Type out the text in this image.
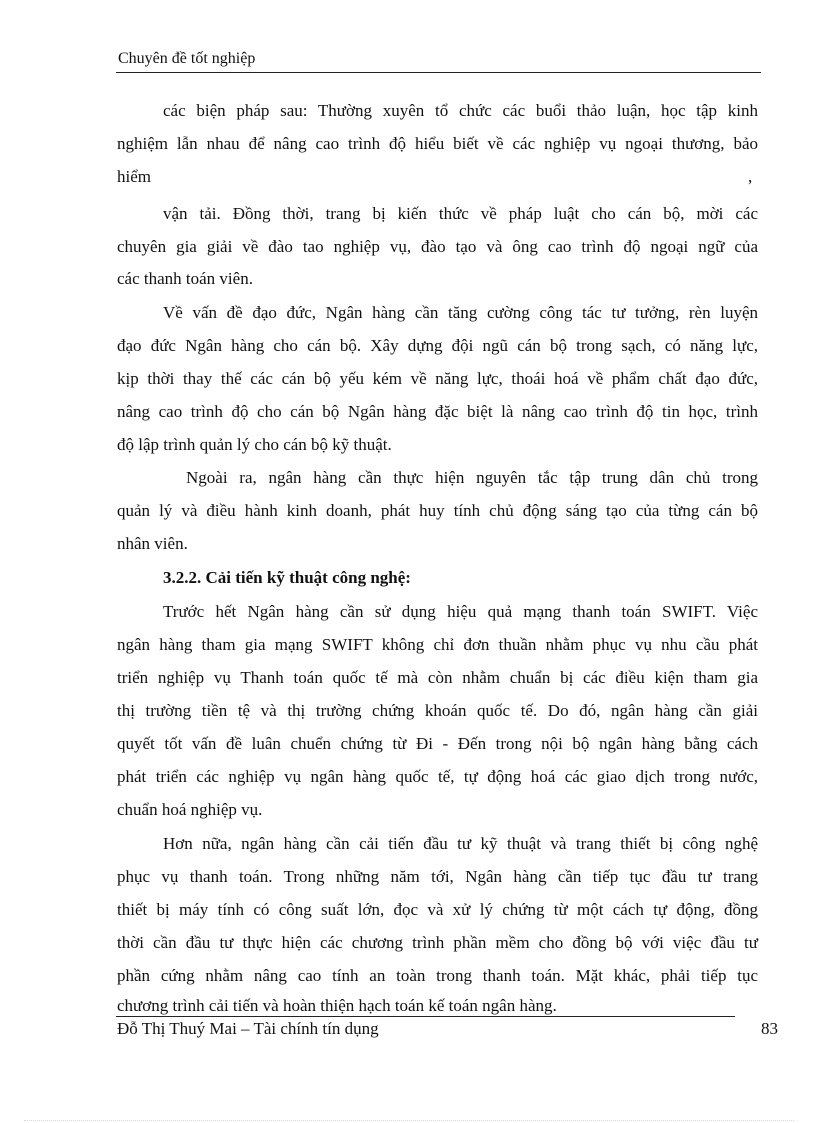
Chuyên đề tốt nghiệp
các biện pháp sau: Thường xuyên tổ chức các buổi thảo luận, học tập kinh
nghiệm lẫn nhau để nâng cao trình độ hiểu biết về các nghiệp vụ ngoại thương, bảo
hiểm	,
vận tải. Đồng thời, trang bị kiến thức về pháp luật cho cán bộ, mời các
chuyên gia giải về đào tao nghiệp vụ, đào tạo và ông cao trình độ ngoại ngữ của
các thanh toán viên.
Về vấn đề đạo đức, Ngân hàng cần tăng cường công tác tư tưởng, rèn luyện
đạo đức Ngân hàng cho cán bộ. Xây dựng đội ngũ cán bộ trong sạch, có năng lực,
kịp thời thay thế các cán bộ yếu kém về năng lực, thoái hoá về phẩm chất đạo đức,
nâng cao trình độ cho cán bộ Ngân hàng đặc biệt là nâng cao trình độ tin học, trình
độ lập trình quản lý cho cán bộ kỹ thuật.
Ngoài ra, ngân hàng cần thực hiện nguyên tắc tập trung dân chủ trong
quản lý và điều hành kinh doanh, phát huy tính chủ động sáng tạo của từng cán bộ
nhân viên.
3.2.2. Cải tiến kỹ thuật công nghệ:
Trước hết Ngân hàng cần sử dụng hiệu quả mạng thanh toán SWIFT. Việc
ngân hàng tham gia mạng SWIFT không chỉ đơn thuần nhằm phục vụ nhu cầu phát
triển nghiệp vụ Thanh toán quốc tế mà còn nhằm chuẩn bị các điều kiện tham gia
thị trường tiền tệ và thị trường chứng khoán quốc tế. Do đó, ngân hàng cần giải
quyết tốt vấn đề luân chuển chứng từ Đi - Đến trong nội bộ ngân hàng bằng cách
phát triển các nghiệp vụ ngân hàng quốc tế, tự động hoá các giao dịch trong nước,
chuẩn hoá nghiệp vụ.
Hơn nữa, ngân hàng cần cải tiến đầu tư kỹ thuật và trang thiết bị công nghệ
phục vụ thanh toán. Trong những năm tới, Ngân hàng cần tiếp tục đầu tư trang
thiết bị máy tính có công suất lớn, đọc và xử lý chứng từ một cách tự động, đồng
thời cần đầu tư thực hiện các chương trình phần mềm cho đồng bộ với việc đầu tư
phần cứng nhằm nâng cao tính an toàn trong thanh toán. Mặt khác, phải tiếp tục
chương trình cải tiến và hoàn thiện hạch toán kế toán ngân hàng.
Đỗ Thị Thuý Mai – Tài chính tín dụng	83
